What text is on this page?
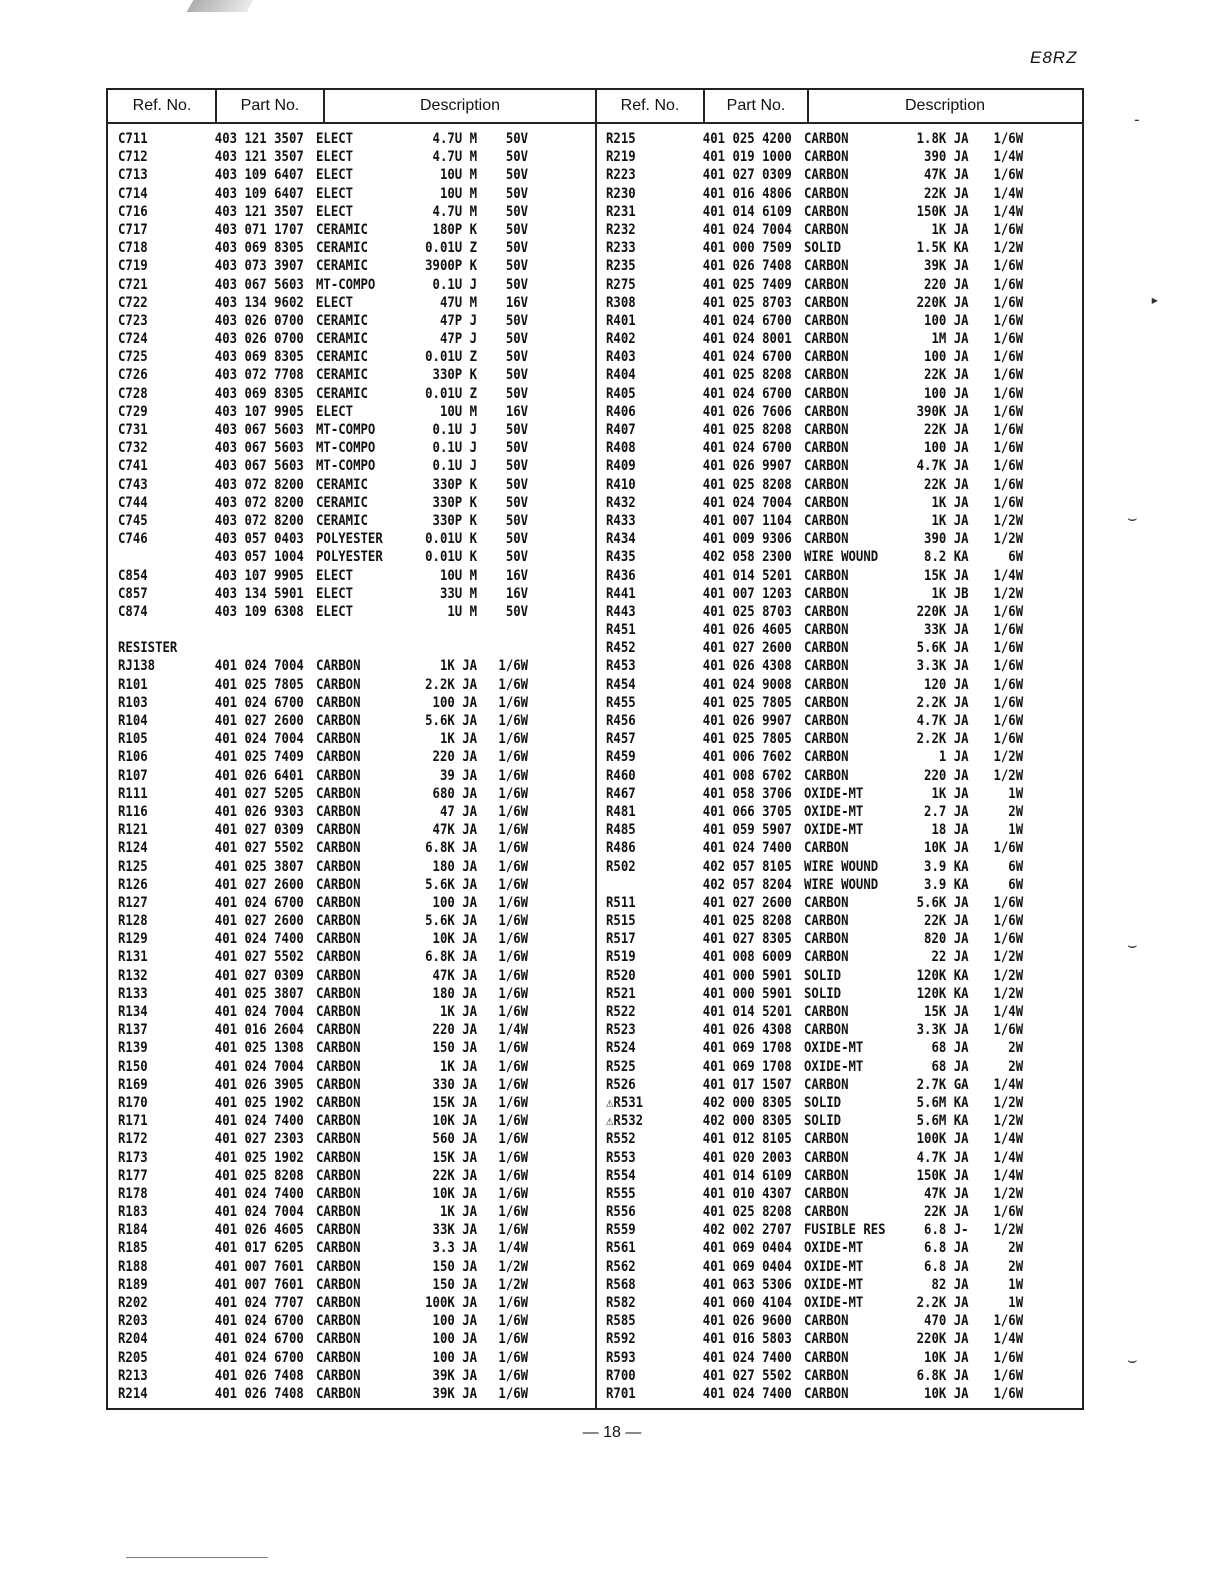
E8RZ
Ref. No.	Part No.	Description	Ref. No.	Part No.	Description
C711	403 121 3507 ELECT	4.7U M	50V
C712	403 121 3507 ELECT	4.7U M	50V
C713	403 109 6407 ELECT	10U M	50V
C714	403 109 6407 ELECT	10U M	50V
C716	403 121 3507 ELECT	4.7U M	50V
C717	403 071 1707 CERAMIC	180P K	50V
C718	403 069 8305 CERAMIC	0.01U Z	50V
C719	403 073 3907 CERAMIC	3900P K	50V
C721	403 067 5603 MT-COMPO	0.1U J	50V
C722	403 134 9602 ELECT	47U M	16V
C723	403 026 0700 CERAMIC	47P J	50V
C724	403 026 0700 CERAMIC	47P J	50V
C725	403 069 8305 CERAMIC	0.01U Z	50V
C726	403 072 7708 CERAMIC	330P K	50V
C728	403 069 8305 CERAMIC	0.01U Z	50V
C729	403 107 9905 ELECT	10U M	16V
C731	403 067 5603 MT-COMPO	0.1U J	50V
C732	403 067 5603 MT-COMPO	0.1U J	50V
C741	403 067 5603 MT-COMPO	0.1U J	50V
C743	403 072 8200 CERAMIC	330P K	50V
C744	403 072 8200 CERAMIC	330P K	50V
C745	403 072 8200 CERAMIC	330P K	50V
C746	403 057 0403 POLYESTER	0.01U K	50V
403 057 1004 POLYESTER	0.01U K	50V
C854	403 107 9905 ELECT	10U M	16V
C857	403 134 5901 ELECT	33U M	16V
C874	403 109 6308 ELECT	1U M	50V
RESISTER
RJ138	401 024 7004 CARBON	1K JA	1/6W
R101	401 025 7805 CARBON	2.2K JA	1/6W
R103	401 024 6700 CARBON	100 JA	1/6W
R104	401 027 2600 CARBON	5.6K JA	1/6W
R105	401 024 7004 CARBON	1K JA	1/6W
R106	401 025 7409 CARBON	220 JA	1/6W
R107	401 026 6401 CARBON	39 JA	1/6W
R111	401 027 5205 CARBON	680 JA	1/6W
R116	401 026 9303 CARBON	47 JA	1/6W
R121	401 027 0309 CARBON	47K JA	1/6W
R124	401 027 5502 CARBON	6.8K JA	1/6W
R125	401 025 3807 CARBON	180 JA	1/6W
R126	401 027 2600 CARBON	5.6K JA	1/6W
R127	401 024 6700 CARBON	100 JA	1/6W
R128	401 027 2600 CARBON	5.6K JA	1/6W
R129	401 024 7400 CARBON	10K JA	1/6W
R131	401 027 5502 CARBON	6.8K JA	1/6W
R132	401 027 0309 CARBON	47K JA	1/6W
R133	401 025 3807 CARBON	180 JA	1/6W
R134	401 024 7004 CARBON	1K JA	1/6W
R137	401 016 2604 CARBON	220 JA	1/4W
R139	401 025 1308 CARBON	150 JA	1/6W
R150	401 024 7004 CARBON	1K JA	1/6W
R169	401 026 3905 CARBON	330 JA	1/6W
R170	401 025 1902 CARBON	15K JA	1/6W
R171	401 024 7400 CARBON	10K JA	1/6W
R172	401 027 2303 CARBON	560 JA	1/6W
R173	401 025 1902 CARBON	15K JA	1/6W
R177	401 025 8208 CARBON	22K JA	1/6W
R178	401 024 7400 CARBON	10K JA	1/6W
R183	401 024 7004 CARBON	1K JA	1/6W
R184	401 026 4605 CARBON	33K JA	1/6W
R185	401 017 6205 CARBON	3.3 JA	1/4W
R188	401 007 7601 CARBON	150 JA	1/2W
R189	401 007 7601 CARBON	150 JA	1/2W
R202	401 024 7707 CARBON	100K JA	1/6W
R203	401 024 6700 CARBON	100 JA	1/6W
R204	401 024 6700 CARBON	100 JA	1/6W
R205	401 024 6700 CARBON	100 JA	1/6W
R213	401 026 7408 CARBON	39K JA	1/6W
R214	401 026 7408 CARBON	39K JA	1/6W
R215	401 025 4200 CARBON	1.8K JA	1/6W
R219	401 019 1000 CARBON	390 JA	1/4W
R223	401 027 0309 CARBON	47K JA	1/6W
R230	401 016 4806 CARBON	22K JA	1/4W
R231	401 014 6109 CARBON	150K JA	1/4W
R232	401 024 7004 CARBON	1K JA	1/6W
R233	401 000 7509 SOLID	1.5K KA	1/2W
R235	401 026 7408 CARBON	39K JA	1/6W
R275	401 025 7409 CARBON	220 JA	1/6W
R308	401 025 8703 CARBON	220K JA	1/6W
R401	401 024 6700 CARBON	100 JA	1/6W
R402	401 024 8001 CARBON	1M JA	1/6W
R403	401 024 6700 CARBON	100 JA	1/6W
R404	401 025 8208 CARBON	22K JA	1/6W
R405	401 024 6700 CARBON	100 JA	1/6W
R406	401 026 7606 CARBON	390K JA	1/6W
R407	401 025 8208 CARBON	22K JA	1/6W
R408	401 024 6700 CARBON	100 JA	1/6W
R409	401 026 9907 CARBON	4.7K JA	1/6W
R410	401 025 8208 CARBON	22K JA	1/6W
R432	401 024 7004 CARBON	1K JA	1/6W
R433	401 007 1104 CARBON	1K JA	1/2W
R434	401 009 9306 CARBON	390 JA	1/2W
R435	402 058 2300 WIRE WOUND	8.2 KA	6W
R436	401 014 5201 CARBON	15K JA	1/4W
R441	401 007 1203 CARBON	1K JB	1/2W
R443	401 025 8703 CARBON	220K JA	1/6W
R451	401 026 4605 CARBON	33K JA	1/6W
R452	401 027 2600 CARBON	5.6K JA	1/6W
R453	401 026 4308 CARBON	3.3K JA	1/6W
R454	401 024 9008 CARBON	120 JA	1/6W
R455	401 025 7805 CARBON	2.2K JA	1/6W
R456	401 026 9907 CARBON	4.7K JA	1/6W
R457	401 025 7805 CARBON	2.2K JA	1/6W
R459	401 006 7602 CARBON	1 JA	1/2W
R460	401 008 6702 CARBON	220 JA	1/2W
R467	401 058 3706 OXIDE-MT	1K JA	1W
R481	401 066 3705 OXIDE-MT	2.7 JA	2W
R485	401 059 5907 OXIDE-MT	18 JA	1W
R486	401 024 7400 CARBON	10K JA	1/6W
R502	402 057 8105 WIRE WOUND	3.9 KA	6W
402 057 8204 WIRE WOUND	3.9 KA	6W
R511	401 027 2600 CARBON	5.6K JA	1/6W
R515	401 025 8208 CARBON	22K JA	1/6W
R517	401 027 8305 CARBON	820 JA	1/6W
R519	401 008 6009 CARBON	22 JA	1/2W
R520	401 000 5901 SOLID	120K KA	1/2W
R521	401 000 5901 SOLID	120K KA	1/2W
R522	401 014 5201 CARBON	15K JA	1/4W
R523	401 026 4308 CARBON	3.3K JA	1/6W
R524	401 069 1708 OXIDE-MT	68 JA	2W
R525	401 069 1708 OXIDE-MT	68 JA	2W
R526	401 017 1507 CARBON	2.7K GA	1/4W
⚠R531	402 000 8305 SOLID	5.6M KA	1/2W
⚠R532	402 000 8305 SOLID	5.6M KA	1/2W
R552	401 012 8105 CARBON	100K JA	1/4W
R553	401 020 2003 CARBON	4.7K JA	1/4W
R554	401 014 6109 CARBON	150K JA	1/4W
R555	401 010 4307 CARBON	47K JA	1/2W
R556	401 025 8208 CARBON	22K JA	1/6W
R559	402 002 2707 FUSIBLE RES	6.8 J-	1/2W
R561	401 069 0404 OXIDE-MT	6.8 JA	2W
R562	401 069 0404 OXIDE-MT	6.8 JA	2W
R568	401 063 5306 OXIDE-MT	82 JA	1W
R582	401 060 4104 OXIDE-MT	2.2K JA	1W
R585	401 026 9600 CARBON	470 JA	1/6W
R592	401 016 5803 CARBON	220K JA	1/4W
R593	401 024 7400 CARBON	10K JA	1/6W
R700	401 027 5502 CARBON	6.8K JA	1/6W
R701	401 024 7400 CARBON	10K JA	1/6W
— 18 —
‑
▸
⌣
⌣
⌣
